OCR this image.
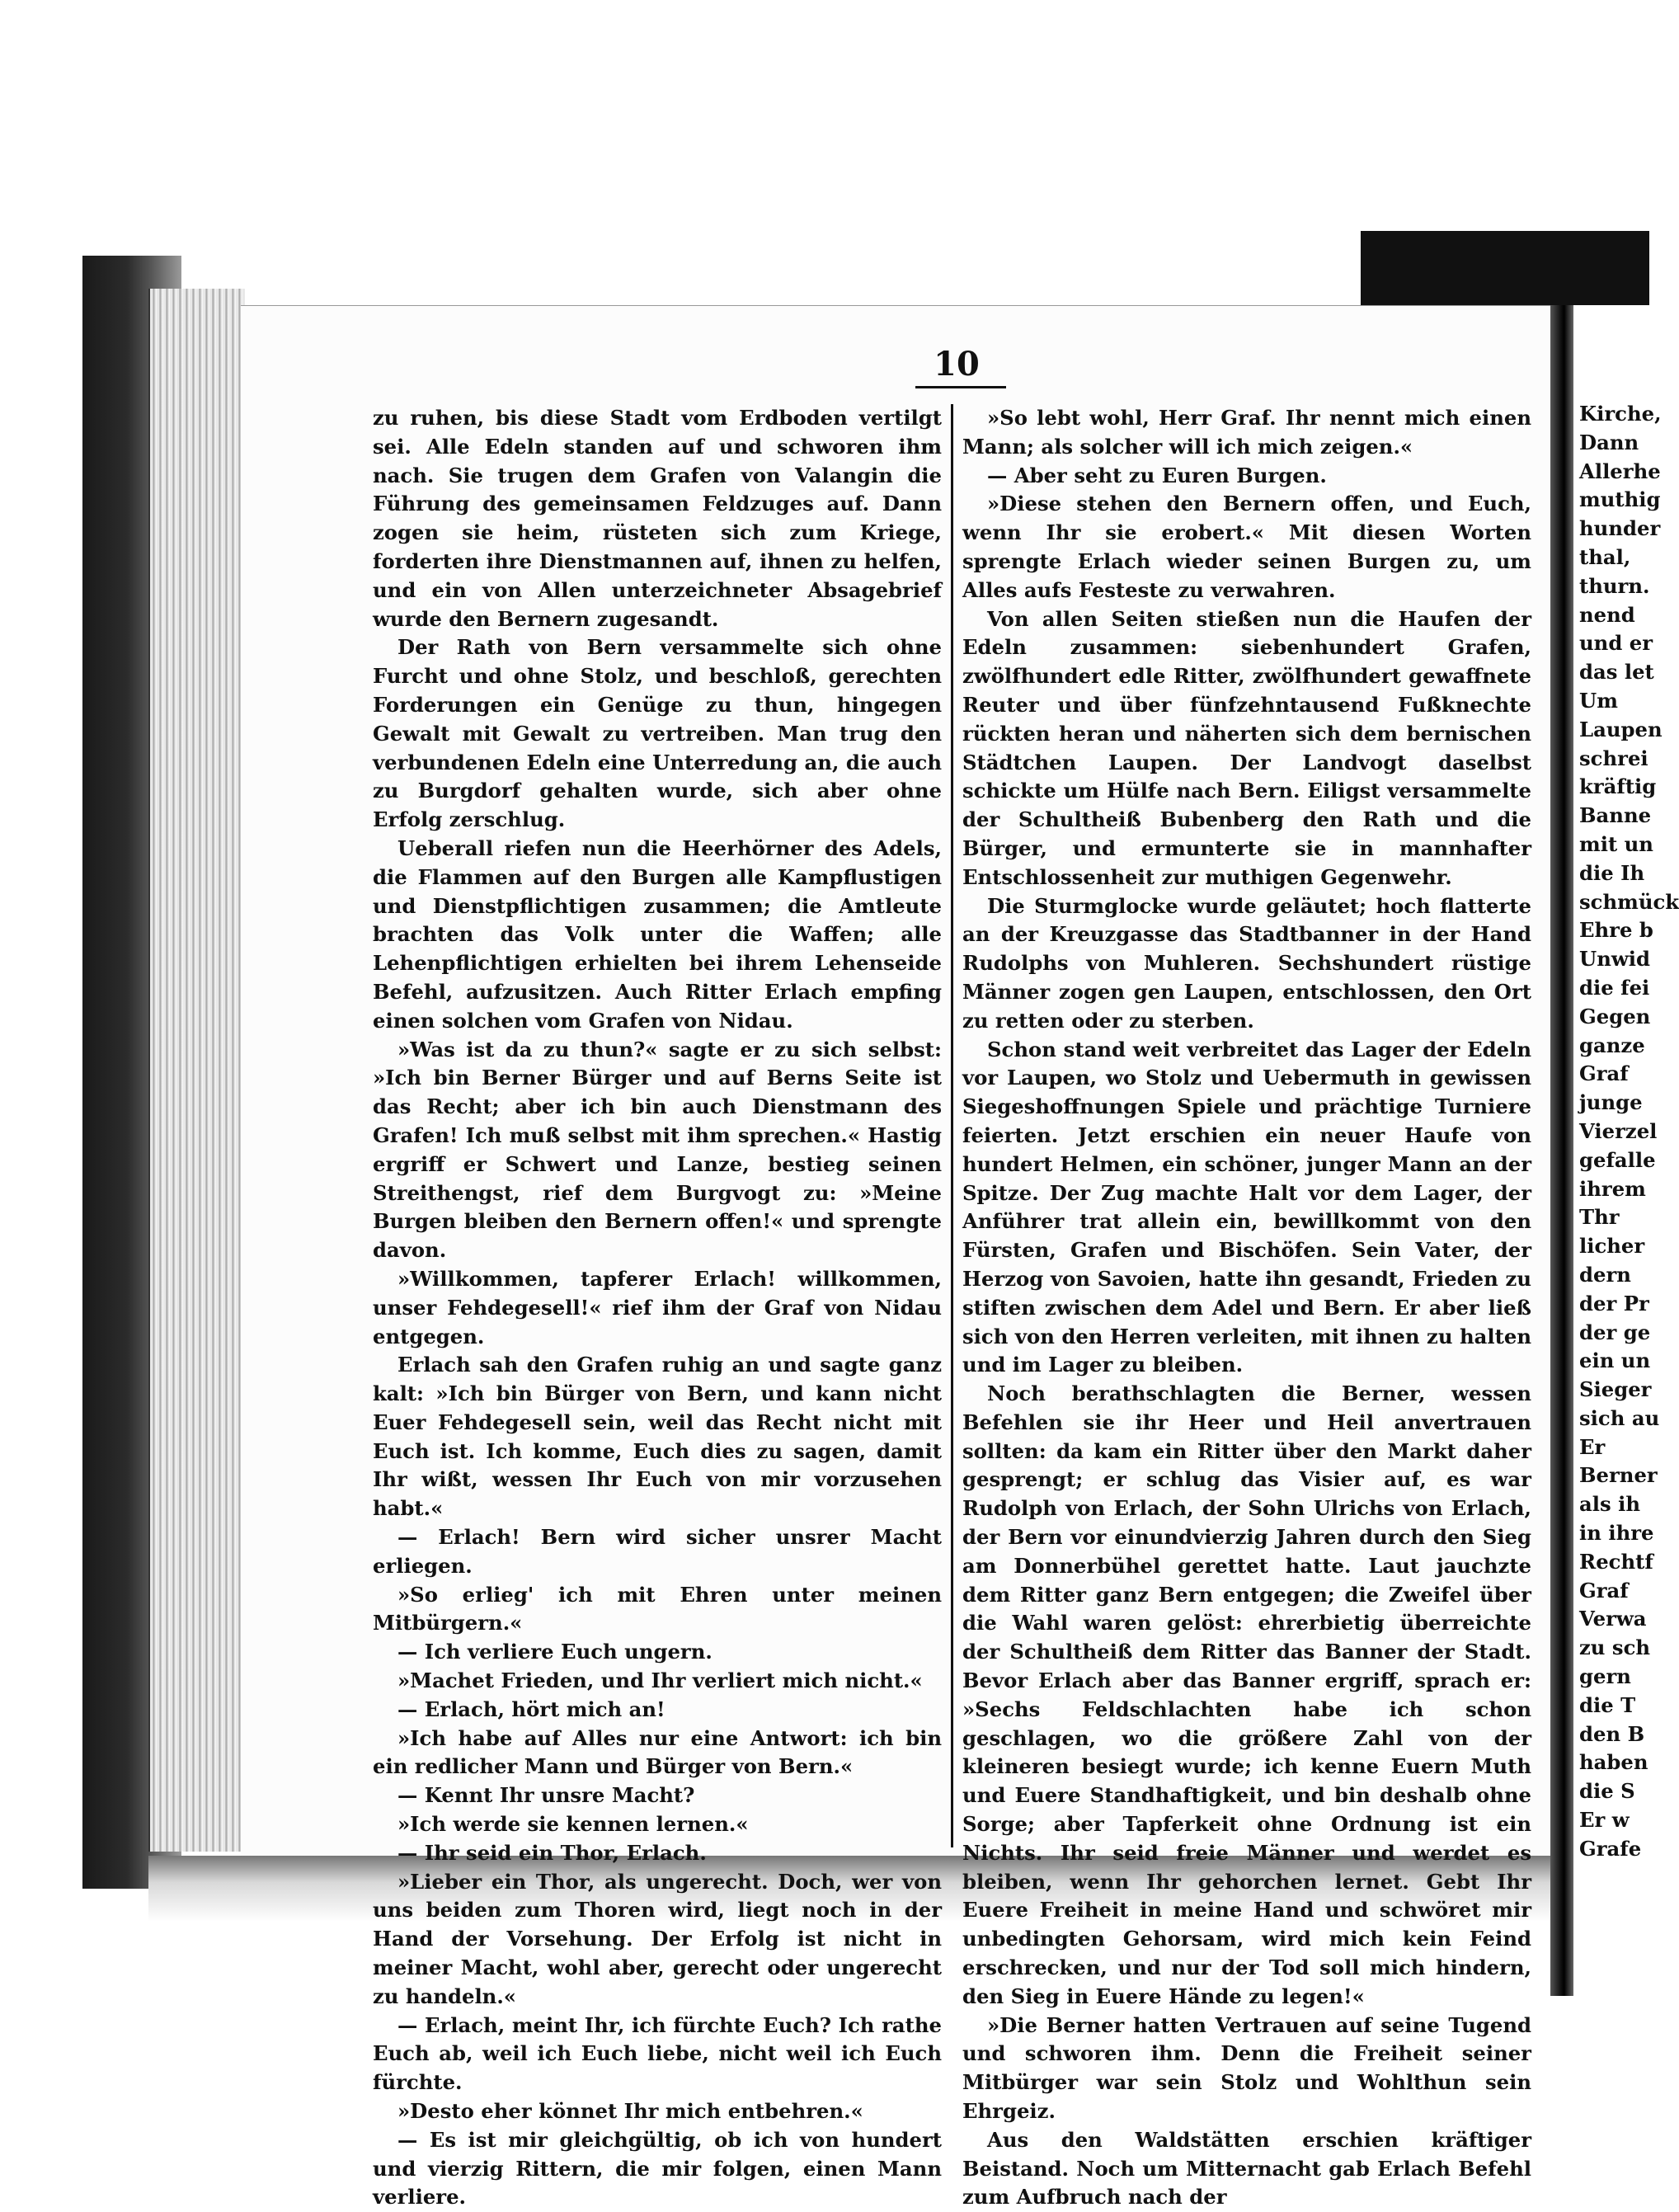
10

zu ruhen, bis diese Stadt vom Erdboden vertilgt sei. Alle Edeln standen auf und schworen ihm nach. Sie trugen dem Grafen von Valangin die Führung des gemeinsamen Feldzuges auf. Dann zogen sie heim, rüsteten sich zum Kriege, forderten ihre Dienstmannen auf, ihnen zu helfen, und ein von Allen unterzeichneter Absagebrief wurde den Bernern zugesandt.

Der Rath von Bern versammelte sich ohne Furcht und ohne Stolz, und beschloß, gerechten Forderungen ein Genüge zu thun, hingegen Gewalt mit Gewalt zu vertreiben. Man trug den verbundenen Edeln eine Unterredung an, die auch zu Burgdorf gehalten wurde, sich aber ohne Erfolg zerschlug.

Ueberall riefen nun die Heerhörner des Adels, die Flammen auf den Burgen alle Kampflustigen und Dienstpflichtigen zusammen; die Amtleute brachten das Volk unter die Waffen; alle Lehenpflichtigen erhielten bei ihrem Lehenseide Befehl, aufzusitzen. Auch Ritter Erlach empfing einen solchen vom Grafen von Nidau.

»Was ist da zu thun?« sagte er zu sich selbst: »Ich bin Berner Bürger und auf Berns Seite ist das Recht; aber ich bin auch Dienstmann des Grafen! Ich muß selbst mit ihm sprechen.« Hastig ergriff er Schwert und Lanze, bestieg seinen Streithengst, rief dem Burgvogt zu: »Meine Burgen bleiben den Bernern offen!« und sprengte davon.

»Willkommen, tapferer Erlach! willkommen, unser Fehdegesell!« rief ihm der Graf von Nidau entgegen.

Erlach sah den Grafen ruhig an und sagte ganz kalt: »Ich bin Bürger von Bern, und kann nicht Euer Fehdegesell sein, weil das Recht nicht mit Euch ist. Ich komme, Euch dies zu sagen, damit Ihr wißt, wessen Ihr Euch von mir vorzusehen habt.«

— Erlach! Bern wird sicher unsrer Macht erliegen.

»So erlieg' ich mit Ehren unter meinen Mitbürgern.«

— Ich verliere Euch ungern.

»Machet Frieden, und Ihr verliert mich nicht.«

— Erlach, hört mich an!

»Ich habe auf Alles nur eine Antwort: ich bin ein redlicher Mann und Bürger von Bern.«

— Kennt Ihr unsre Macht?

»Ich werde sie kennen lernen.«

— Ihr seid ein Thor, Erlach.

»Lieber ein Thor, als ungerecht. Doch, wer von uns beiden zum Thoren wird, liegt noch in der Hand der Vorsehung. Der Erfolg ist nicht in meiner Macht, wohl aber, gerecht oder ungerecht zu handeln.«

— Erlach, meint Ihr, ich fürchte Euch? Ich rathe Euch ab, weil ich Euch liebe, nicht weil ich Euch fürchte.

»Desto eher könnet Ihr mich entbehren.«

— Es ist mir gleichgültig, ob ich von hundert und vierzig Rittern, die mir folgen, einen Mann verliere.

»So lebt wohl, Herr Graf. Ihr nennt mich einen Mann; als solcher will ich mich zeigen.«

— Aber seht zu Euren Burgen.

»Diese stehen den Bernern offen, und Euch, wenn Ihr sie erobert.« Mit diesen Worten sprengte Erlach wieder seinen Burgen zu, um Alles aufs Festeste zu verwahren.

Von allen Seiten stießen nun die Haufen der Edeln zusammen: siebenhundert Grafen, zwölfhundert edle Ritter, zwölfhundert gewaffnete Reuter und über fünfzehntausend Fußknechte rückten heran und näherten sich dem bernischen Städtchen Laupen. Der Landvogt daselbst schickte um Hülfe nach Bern. Eiligst versammelte der Schultheiß Bubenberg den Rath und die Bürger, und ermunterte sie in mannhafter Entschlossenheit zur muthigen Gegenwehr.

Die Sturmglocke wurde geläutet; hoch flatterte an der Kreuzgasse das Stadtbanner in der Hand Rudolphs von Muhleren. Sechshundert rüstige Männer zogen gen Laupen, entschlossen, den Ort zu retten oder zu sterben.

Schon stand weit verbreitet das Lager der Edeln vor Laupen, wo Stolz und Uebermuth in gewissen Siegeshoffnungen Spiele und prächtige Turniere feierten. Jetzt erschien ein neuer Haufe von hundert Helmen, ein schöner, junger Mann an der Spitze. Der Zug machte Halt vor dem Lager, der Anführer trat allein ein, bewillkommt von den Fürsten, Grafen und Bischöfen. Sein Vater, der Herzog von Savoien, hatte ihn gesandt, Frieden zu stiften zwischen dem Adel und Bern. Er aber ließ sich von den Herren verleiten, mit ihnen zu halten und im Lager zu bleiben.

Noch berathschlagten die Berner, wessen Befehlen sie ihr Heer und Heil anvertrauen sollten: da kam ein Ritter über den Markt daher gesprengt; er schlug das Visier auf, es war Rudolph von Erlach, der Sohn Ulrichs von Erlach, der Bern vor einundvierzig Jahren durch den Sieg am Donnerbühel gerettet hatte. Laut jauchzte dem Ritter ganz Bern entgegen; die Zweifel über die Wahl waren gelöst: ehrerbietig überreichte der Schultheiß dem Ritter das Banner der Stadt. Bevor Erlach aber das Banner ergriff, sprach er: »Sechs Feldschlachten habe ich schon geschlagen, wo die größere Zahl von der kleineren besiegt wurde; ich kenne Euern Muth und Euere Standhaftigkeit, und bin deshalb ohne Sorge; aber Tapferkeit ohne Ordnung ist ein Nichts. Ihr seid freie Männer und werdet es bleiben, wenn Ihr gehorchen lernet. Gebt Ihr Euere Freiheit in meine Hand und schwöret mir unbedingten Gehorsam, wird mich kein Feind erschrecken, und nur der Tod soll mich hindern, den Sieg in Euere Hände zu legen!«

»Die Berner hatten Vertrauen auf seine Tugend und schworen ihm. Denn die Freiheit seiner Mitbürger war sein Stolz und Wohlthun sein Ehrgeiz.

Aus den Waldstätten erschien kräftiger Beistand. Noch um Mitternacht gab Erlach Befehl zum Aufbruch nach der

Kirche,
Dann
Allerhe
muthig
hunder
thal,
thurn.
nend
und er
das let
Um
Laupen
schrei
kräftig
Banne
mit un
die Ih
schmück
Ehre b
Unwid
die fei
Gegen
ganze
Graf
junge
Vierzel
gefalle
ihrem
Thr
licher
dern
der Pr
der ge
ein un
Sieger
sich au
Er
Berner
als ih
in ihre
Rechtf
Graf
Verwa
zu sch
gern
die T
den B
haben
die S
Er w
Grafe
